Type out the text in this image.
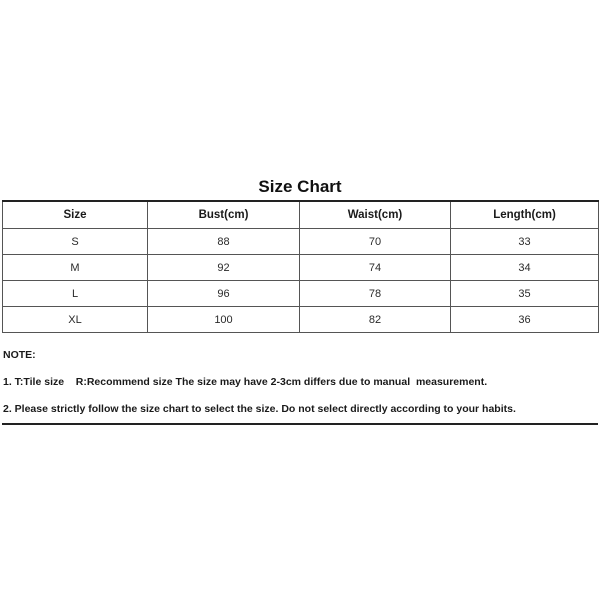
Size Chart
Size	Bust(cm)	Waist(cm)	Length(cm)
S	88	70	33
M	92	74	34
L	96	78	35
XL	100	82	36
NOTE:
1. T:Tile size    R:Recommend size The size may have 2-3cm differs due to manual  measurement.
2. Please strictly follow the size chart to select the size. Do not select directly according to your habits.
